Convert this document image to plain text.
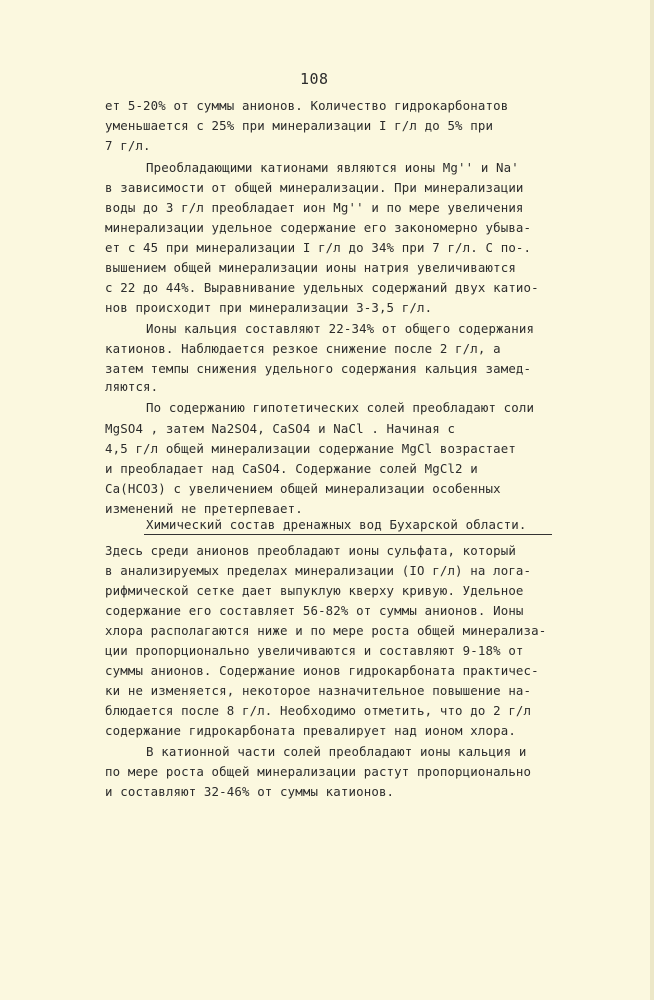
108
ет 5-20% от суммы анионов. Количество гидрокарбонатов
уменьшается с 25% при минерализации I г/л до 5% при
7 г/л.
Преобладающими катионами являются ионы Mg'' и Na'
в зависимости от общей минерализации. При минерализации
воды до 3 г/л преобладает ион Mg'' и по мере увеличения
минерализации удельное содержание его закономерно убыва-
ет с 45 при минерализации I г/л до 34% при 7 г/л. С по-.
вышением общей минерализации ионы натрия увеличиваются
с 22 до 44%. Выравнивание удельных содержаний двух катио-
нов происходит при минерализации 3-3,5 г/л.
Ионы кальция составляют 22-34% от общего содержания
катионов. Наблюдается резкое снижение после 2 г/л, а
затем темпы снижения удельного содержания кальция замед-
ляются.
По содержанию гипотетических солей преобладают соли
MgSO4 , затем Na2SO4, CaSO4 и NaCl . Начиная с
4,5 г/л общей минерализации содержание MgCl возрастает
и преобладает над CaSO4. Содержание солей MgCl2 и
Ca(HCO3) с увеличением общей минерализации особенных
изменений не претерпевает.
Химический состав дренажных вод Бухарской области.
Здесь среди анионов преобладают ионы сульфата, который
в анализируемых пределах минерализации (IO г/л) на лога-
рифмической сетке дает выпуклую кверху кривую. Удельное
содержание его составляет 56-82% от суммы анионов. Ионы
хлора располагаются ниже и по мере роста общей минерализа-
ции пропорционально увеличиваются и составляют 9-18% от
суммы анионов. Содержание ионов гидрокарбоната практичес-
ки не изменяется, некоторое назначительное повышение на-
блюдается после 8 г/л. Необходимо отметить, что до 2 г/л
содержание гидрокарбоната превалирует над ионом хлора.
В катионной части солей преобладают ионы кальция и
по мере роста общей минерализации растут пропорционально
и составляют 32-46% от суммы катионов.
